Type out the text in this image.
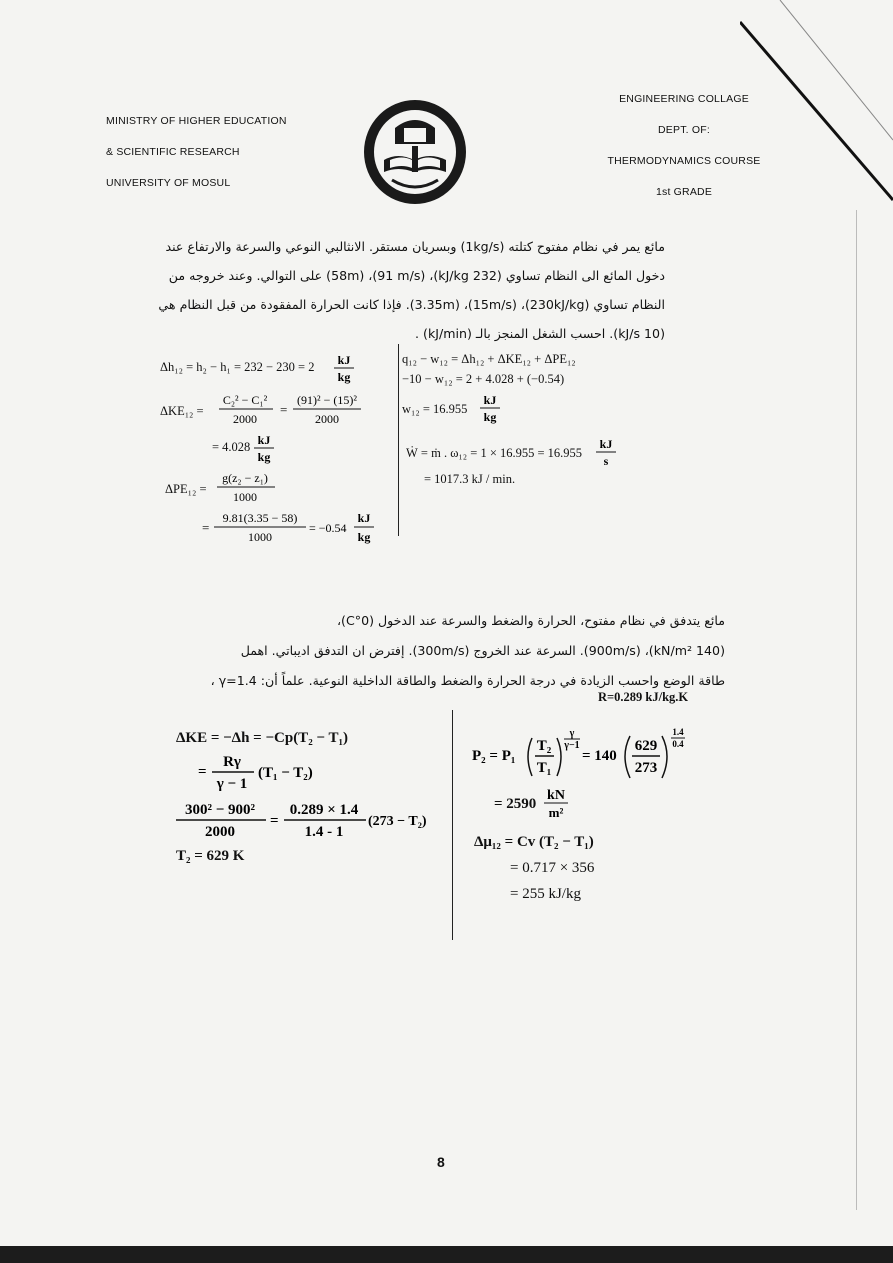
MINISTRY OF HIGHER EDUCATION
& SCIENTIFIC RESEARCH
UNIVERSITY OF MOSUL
ENGINEERING COLLAGE
DEPT. OF:
THERMODYNAMICS COURSE
1st GRADE
مائع يمر في نظام مفتوح كتلته (1kg/s) وبسريان مستقر. الانثالبي النوعي والسرعة والارتفاع عند
دخول المائع الى النظام تساوي (232 kJ/kg)، (91 m/s)، (58m) على التوالي. وعند خروجه من
النظام تساوي (230kJ/kg)، (15m/s)، (3.35m). فإذا كانت الحرارة المفقودة من قبل النظام هي
(10 kJ/s). احسب الشغل المنجز بالـ (kJ/min) .
Δh₁₂ = h₂ − h₁ = 232 − 230 = 2 kJ
kg
ΔKE₁₂ =
C₂² − C₁²
2000
=
(91)² − (15)²
2000
= 4.028 kJ
kg
ΔPE₁₂ =
g(z₂ − z₁)
1000
=
9.81(3.35 − 58)
1000
= −0.54
kJ
kg
q₁₂ − w₁₂ = Δh₁₂ + ΔKE₁₂ + ΔPE₁₂
−10 − w₁₂ = 2 + 4.028 + (−0.54)
w₁₂ = 16.955
kJ
kg
Ẇ = ṁ . ω₁₂ = 1 × 16.955 = 16.955
kJ
s
= 1017.3 kJ / min.
مائع يتدفق في نظام مفتوح، الحرارة والضغط والسرعة عند الدخول (0°C)،
(140 kN/m²)، (900m/s). السرعة عند الخروج (300m/s). إفترض ان التدفق اديباتي. اهمل
طاقة الوضع واحسب الزيادة في درجة الحرارة والضغط والطاقة الداخلية النوعية. علماً أن: γ=1.4 ،
R=0.289 kJ/kg.K
ΔKE = −Δh = −Cp(T₂ − T₁)
=
Rγ
γ − 1
(T₁ − T₂)
300² − 900²
2000
=
0.289 × 1.4
1.4 - 1
(273 − T₂)
T₂ = 629 K
P₂ = P₁
T₂
T₁
γ
γ−1
= 140
629
273
1.4
0.4
= 2590
kN
m²
Δμ₁₂ = Cv (T₂ − T₁)
= 0.717 × 356
= 255 kJ/kg
8
